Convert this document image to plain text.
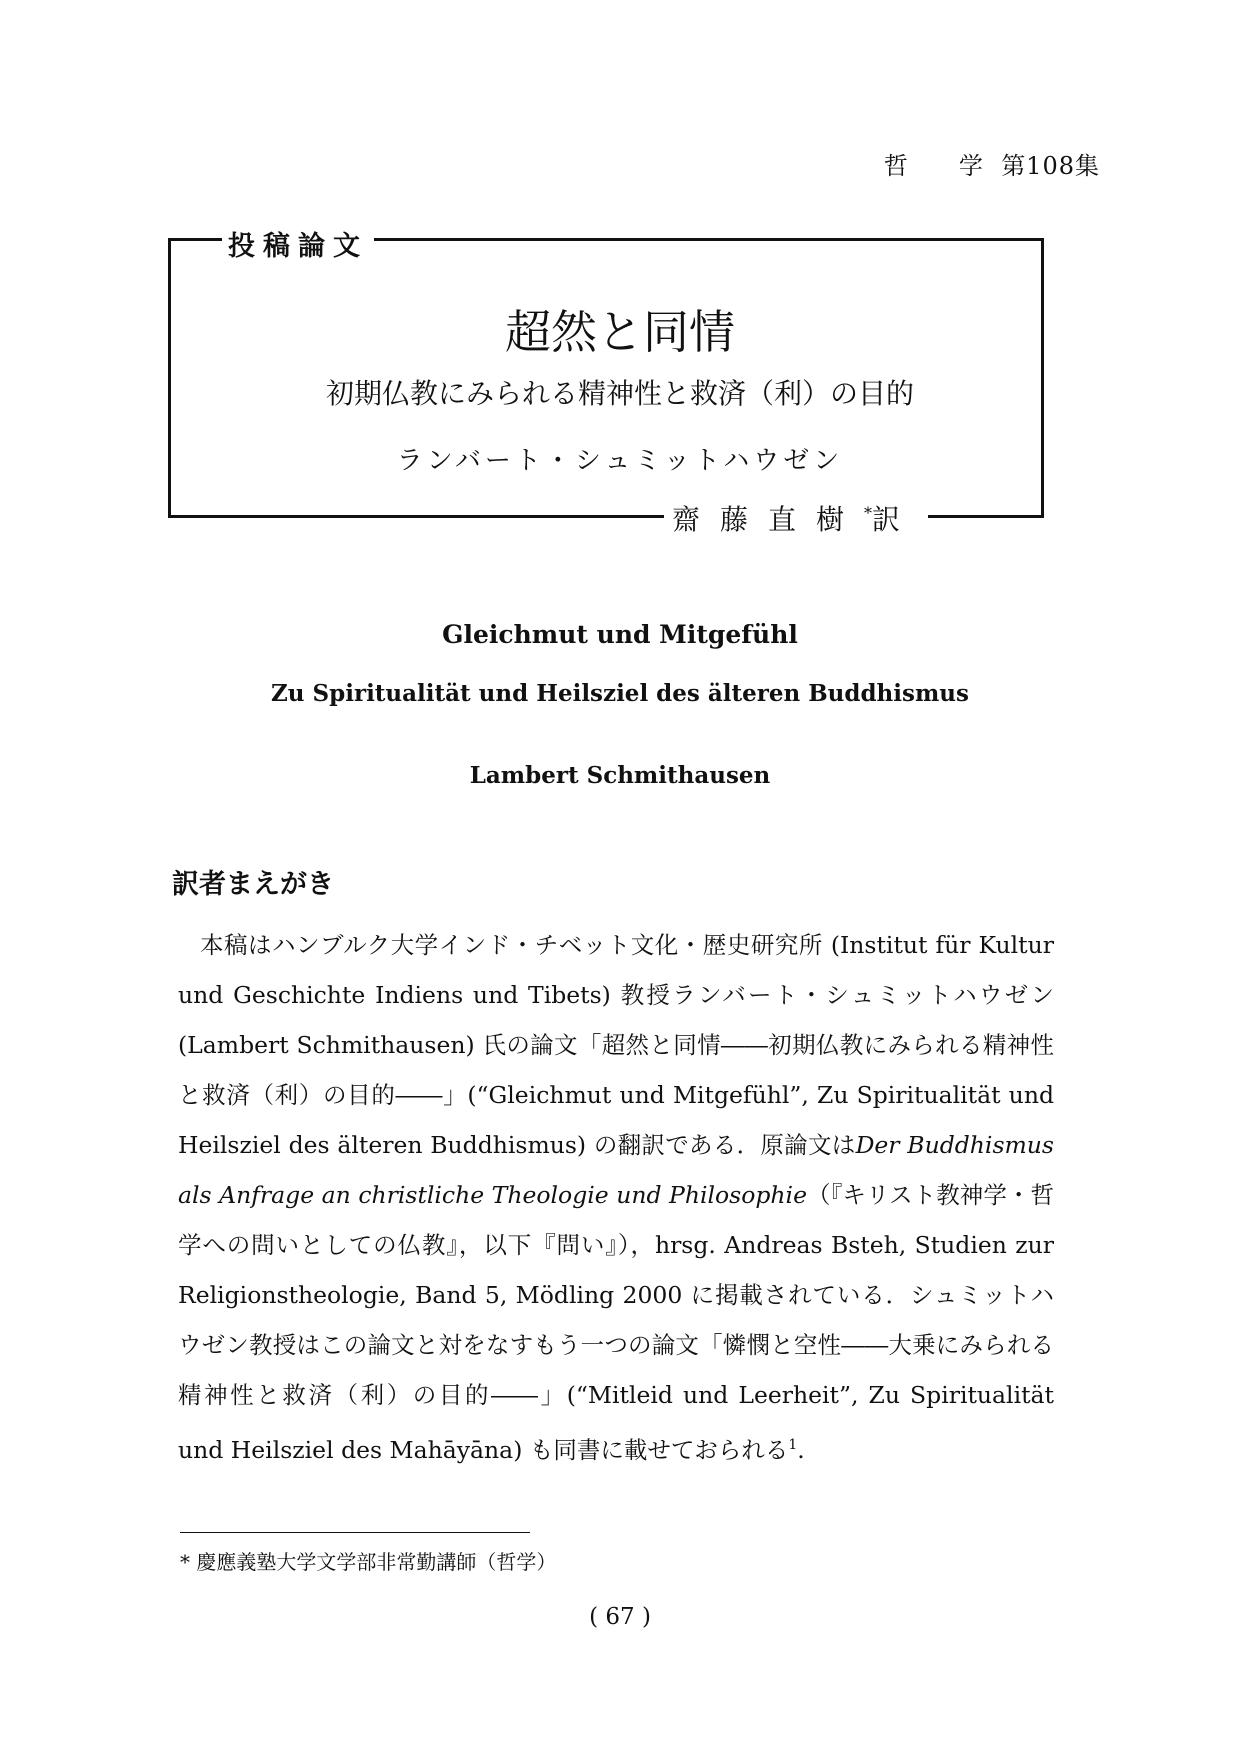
哲　　学 第108集
投稿論文
超然と同情
初期仏教にみられる精神性と救済（利）の目的
ランバート・シュミットハウゼン
齋藤直樹*訳
Gleichmut und Mitgefühl
Zu Spiritualität und Heilsziel des älteren Buddhismus
Lambert Schmithausen
訳者まえがき

本稿はハンブルク大学インド・チベット文化・歴史研究所 (Institut für Kultur und Geschichte Indiens und Tibets) 教授ランバート・シュミットハウゼン (Lambert Schmithausen) 氏の論文「超然と同情――初期仏教にみられる精神性と救済（利）の目的――」(“Gleichmut und Mitgefühl”, Zu Spiritualität und Heilsziel des älteren Buddhismus) の翻訳である．原論文はDer Buddhismus als Anfrage an christliche Theologie und Philosophie（『キリスト教神学・哲学への問いとしての仏教』，以下『問い』），hrsg. Andreas Bsteh, Studien zur Religionstheologie, Band 5, Mödling 2000 に掲載されている．シュミットハウゼン教授はこの論文と対をなすもう一つの論文「憐憫と空性――大乗にみられる精神性と救済（利）の目的――」(“Mitleid und Leerheit”, Zu Spiritualität und Heilsziel des Mahāyāna) も同書に載せておられる$^1$.

* 慶應義塾大学文学部非常勤講師（哲学）
( 67 )
